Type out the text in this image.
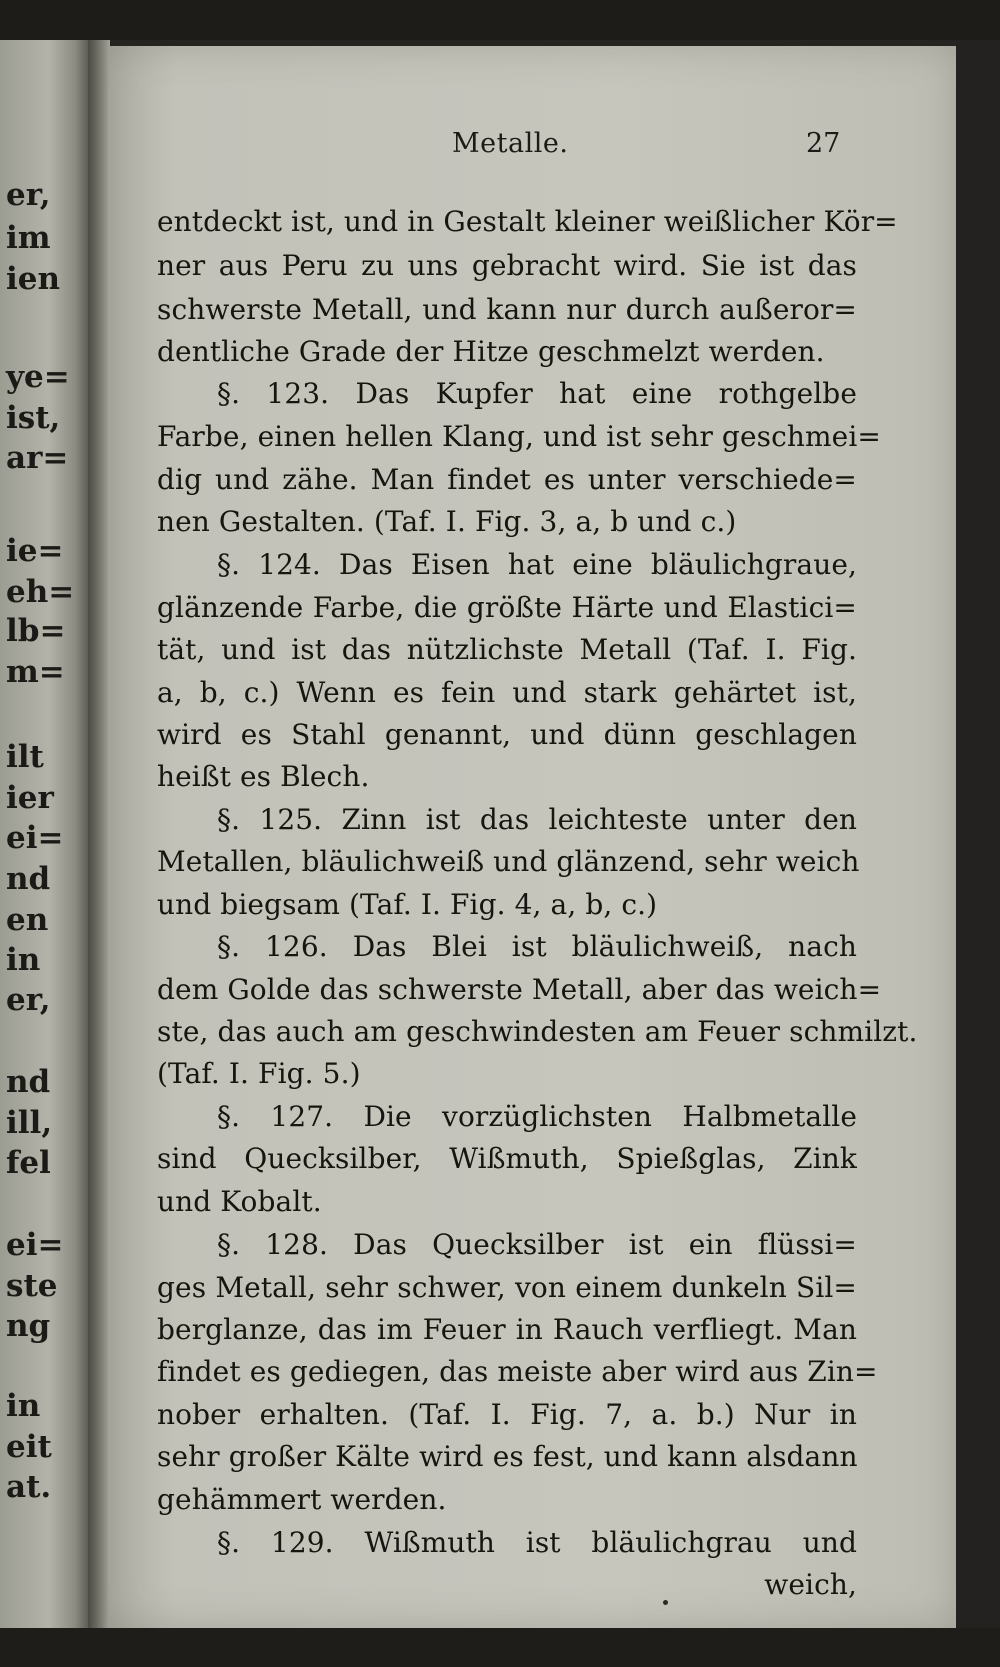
er,
im
ien
ye=
ist,
ar=
ie=
eh=
lb=
m=
ilt
ier
ei=
nd
en
in
er,
nd
ill,
fel
ei=
ste
ng
in
eit
at.
Metalle.	27
entdeckt ist, und in Gestalt kleiner weißlicher Kör=
ner aus Peru zu uns gebracht wird. Sie ist das
schwerste Metall, und kann nur durch außeror=
dentliche Grade der Hitze geschmelzt werden.
§. 123. Das Kupfer hat eine rothgelbe
Farbe, einen hellen Klang, und ist sehr geschmei=
dig und zähe. Man findet es unter verschiede=
nen Gestalten. (Taf. I. Fig. 3, a, b und c.)
§. 124. Das Eisen hat eine bläulichgraue,
glänzende Farbe, die größte Härte und Elastici=
tät, und ist das nützlichste Metall (Taf. I. Fig.
a, b, c.) Wenn es fein und stark gehärtet ist,
wird es Stahl genannt, und dünn geschlagen
heißt es Blech.
§. 125. Zinn ist das leichteste unter den
Metallen, bläulichweiß und glänzend, sehr weich
und biegsam (Taf. I. Fig. 4, a, b, c.)
§. 126. Das Blei ist bläulichweiß, nach
dem Golde das schwerste Metall, aber das weich=
ste, das auch am geschwindesten am Feuer schmilzt.
(Taf. I. Fig. 5.)
§. 127. Die vorzüglichsten Halbmetalle
sind Quecksilber, Wißmuth, Spießglas, Zink
und Kobalt.
§. 128. Das Quecksilber ist ein flüssi=
ges Metall, sehr schwer, von einem dunkeln Sil=
berglanze, das im Feuer in Rauch verfliegt. Man
findet es gediegen, das meiste aber wird aus Zin=
nober erhalten. (Taf. I. Fig. 7, a. b.) Nur in
sehr großer Kälte wird es fest, und kann alsdann
gehämmert werden.
§. 129. Wißmuth ist bläulichgrau und
weich,
